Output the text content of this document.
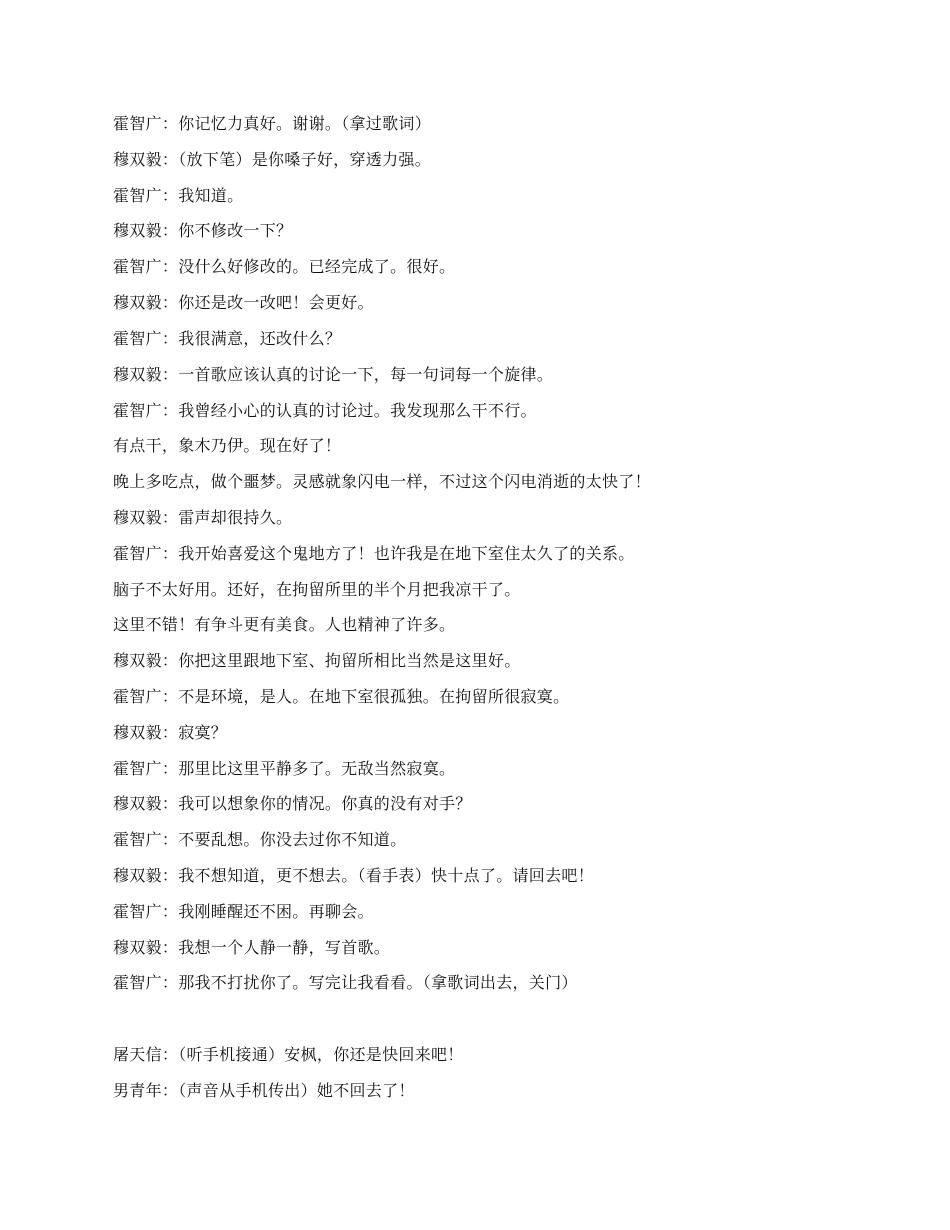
霍智广：你记忆力真好。谢谢。（拿过歌词）
穆双毅：（放下笔）是你嗓子好，穿透力强。
霍智广：我知道。
穆双毅：你不修改一下？
霍智广：没什么好修改的。已经完成了。很好。
穆双毅：你还是改一改吧！会更好。
霍智广：我很满意，还改什么？
穆双毅：一首歌应该认真的讨论一下，每一句词每一个旋律。
霍智广：我曾经小心的认真的讨论过。我发现那么干不行。
有点干，象木乃伊。现在好了！
晚上多吃点，做个噩梦。灵感就象闪电一样，不过这个闪电消逝的太快了！
穆双毅：雷声却很持久。
霍智广：我开始喜爱这个鬼地方了！也许我是在地下室住太久了的关系。
脑子不太好用。还好，在拘留所里的半个月把我凉干了。
这里不错！有争斗更有美食。人也精神了许多。
穆双毅：你把这里跟地下室、拘留所相比当然是这里好。
霍智广：不是环境，是人。在地下室很孤独。在拘留所很寂寞。
穆双毅：寂寞？
霍智广：那里比这里平静多了。无敌当然寂寞。
穆双毅：我可以想象你的情况。你真的没有对手？
霍智广：不要乱想。你没去过你不知道。
穆双毅：我不想知道，更不想去。（看手表）快十点了。请回去吧！
霍智广：我刚睡醒还不困。再聊会。
穆双毅：我想一个人静一静，写首歌。
霍智广：那我不打扰你了。写完让我看看。（拿歌词出去，关门）
屠天信：（听手机接通）安枫，你还是快回来吧！
男青年：（声音从手机传出）她不回去了！
